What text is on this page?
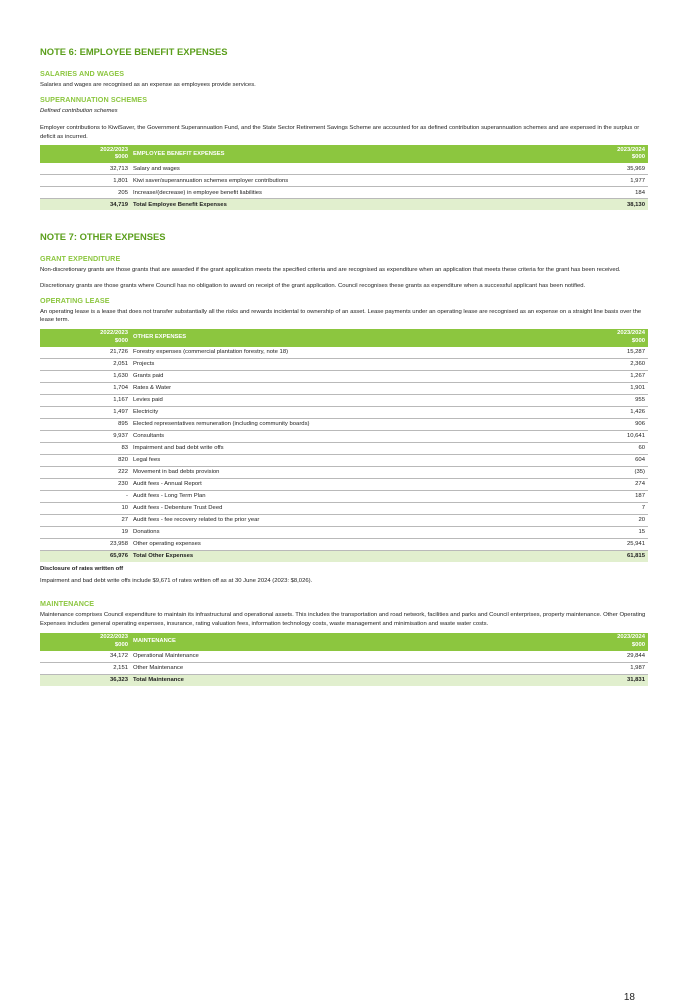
NOTE 6: EMPLOYEE BENEFIT EXPENSES
SALARIES AND WAGES

Salaries and wages are recognised as an expense as employees provide services.

SUPERANNUATION SCHEMES

Defined contribution schemes

Employer contributions to KiwiSaver, the Government Superannuation Fund, and the State Sector Retirement Savings Scheme are accounted for as defined contribution superannuation schemes and are expensed in the surplus or deficit as incurred.

2022/2023
$000	EMPLOYEE BENEFIT EXPENSES	2023/2024
$000
32,713	Salary and wages	35,969
1,801	Kiwi saver/superannuation schemes employer contributions	1,977
205	Increase/(decrease) in employee benefit liabilities	184
34,719	Total Employee Benefit Expenses	38,130
NOTE 7: OTHER EXPENSES
GRANT EXPENDITURE

Non-discretionary grants are those grants that are awarded if the grant application meets the specified criteria and are recognised as expenditure when an application that meets these criteria for the grant has been received.

Discretionary grants are those grants where Council has no obligation to award on receipt of the grant application. Council recognises these grants as expenditure when a successful applicant has been notified.

OPERATING LEASE

An operating lease is a lease that does not transfer substantially all the risks and rewards incidental to ownership of an asset. Lease payments under an operating lease are recognised as an expense on a straight line basis over the lease term.

2022/2023
$000	OTHER EXPENSES	2023/2024
$000
21,726	Forestry expenses (commercial plantation forestry, note 18)	15,287
2,051	Projects	2,360
1,630	Grants paid	1,267
1,704	Rates & Water	1,901
1,167	Levies paid	955
1,497	Electricity	1,426
895	Elected representatives remuneration (including community boards)	906
9,937	Consultants	10,641
83	Impairment and bad debt write offs	60
820	Legal fees	604
222	Movement in bad debts provision	(35)
230	Audit fees - Annual Report	274
-	Audit fees - Long Term Plan	187
10	Audit fees - Debenture Trust Deed	7
27	Audit fees - fee recovery related to the prior year	20
19	Donations	15
23,958	Other operating expenses	25,941
65,976	Total Other Expenses	61,815
Disclosure of rates written off

Impairment and bad debt write offs include $9,671 of rates written off as at 30 June 2024 (2023: $8,026).

MAINTENANCE

Maintenance comprises Council expenditure to maintain its infrastructural and operational assets. This includes the transportation and road network, facilities and parks and Council enterprises, property maintenance. Other Operating Expenses includes general operating expenses, insurance, rating valuation fees, information technology costs, waste management and minimisation and waste water costs.

2022/2023
$000	MAINTENANCE	2023/2024
$000
34,172	Operational Maintenance	29,844
2,151	Other Maintenance	1,987
36,323	Total Maintenance	31,831
18
